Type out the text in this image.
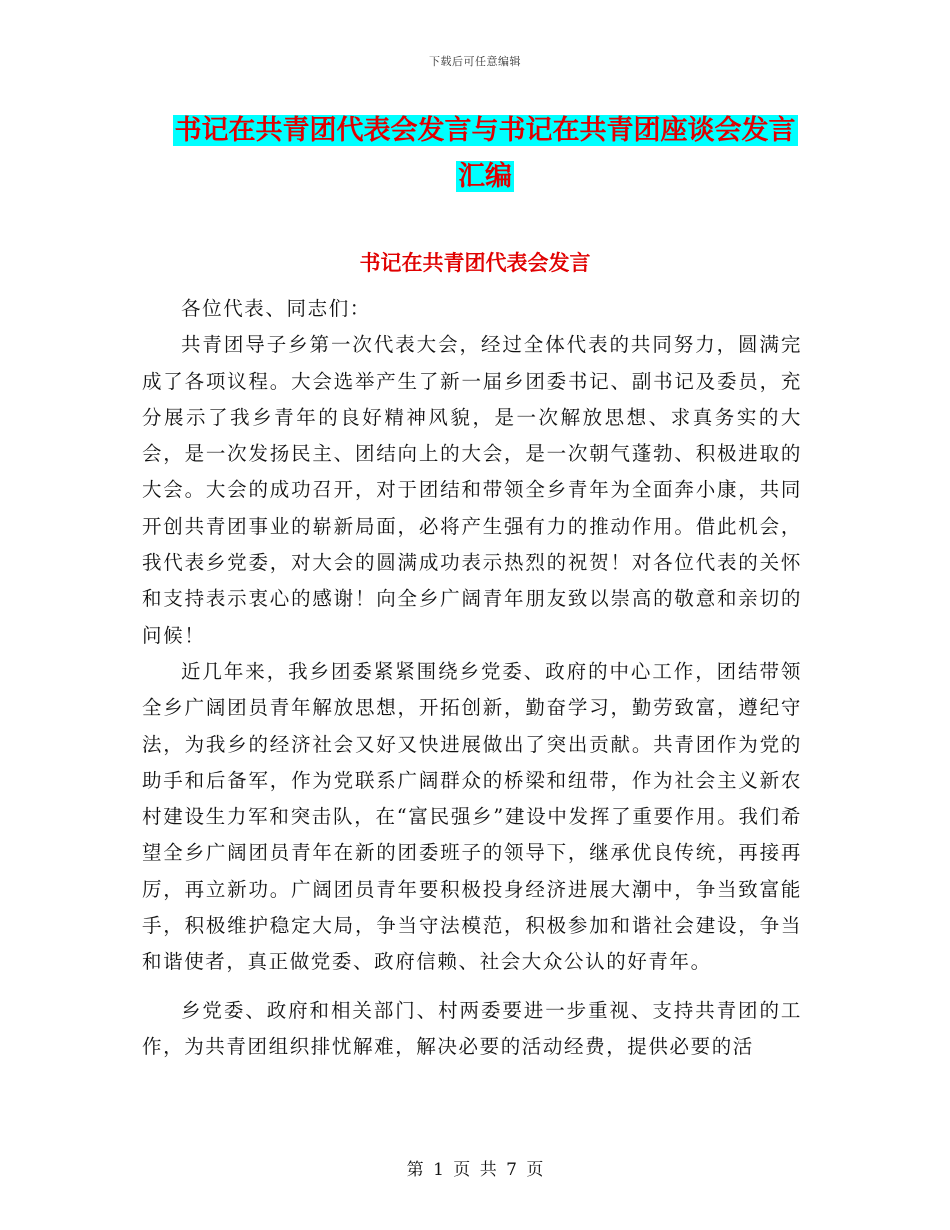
下载后可任意编辑
书记在共青团代表会发言与书记在共青团座谈会发言
汇编
书记在共青团代表会发言

各位代表、同志们：

共青团导子乡第一次代表大会，经过全体代表的共同努力，圆满完成了各项议程。大会选举产生了新一届乡团委书记、副书记及委员，充分展示了我乡青年的良好精神风貌，是一次解放思想、求真务实的大会，是一次发扬民主、团结向上的大会，是一次朝气蓬勃、积极进取的大会。大会的成功召开，对于团结和带领全乡青年为全面奔小康，共同开创共青团事业的崭新局面，必将产生强有力的推动作用。借此机会，我代表乡党委，对大会的圆满成功表示热烈的祝贺！对各位代表的关怀和支持表示衷心的感谢！向全乡广阔青年朋友致以崇高的敬意和亲切的问候！

近几年来，我乡团委紧紧围绕乡党委、政府的中心工作，团结带领全乡广阔团员青年解放思想，开拓创新，勤奋学习，勤劳致富，遵纪守法，为我乡的经济社会又好又快进展做出了突出贡献。共青团作为党的助手和后备军，作为党联系广阔群众的桥梁和纽带，作为社会主义新农村建设生力军和突击队，在“富民强乡”建设中发挥了重要作用。我们希望全乡广阔团员青年在新的团委班子的领导下，继承优良传统，再接再厉，再立新功。广阔团员青年要积极投身经济进展大潮中，争当致富能手，积极维护稳定大局，争当守法模范，积极参加和谐社会建设，争当和谐使者，真正做党委、政府信赖、社会大众公认的好青年。

乡党委、政府和相关部门、村两委要进一步重视、支持共青团的工作，为共青团组织排忧解难，解决必要的活动经费，提供必要的活

第 1 页 共 7 页
